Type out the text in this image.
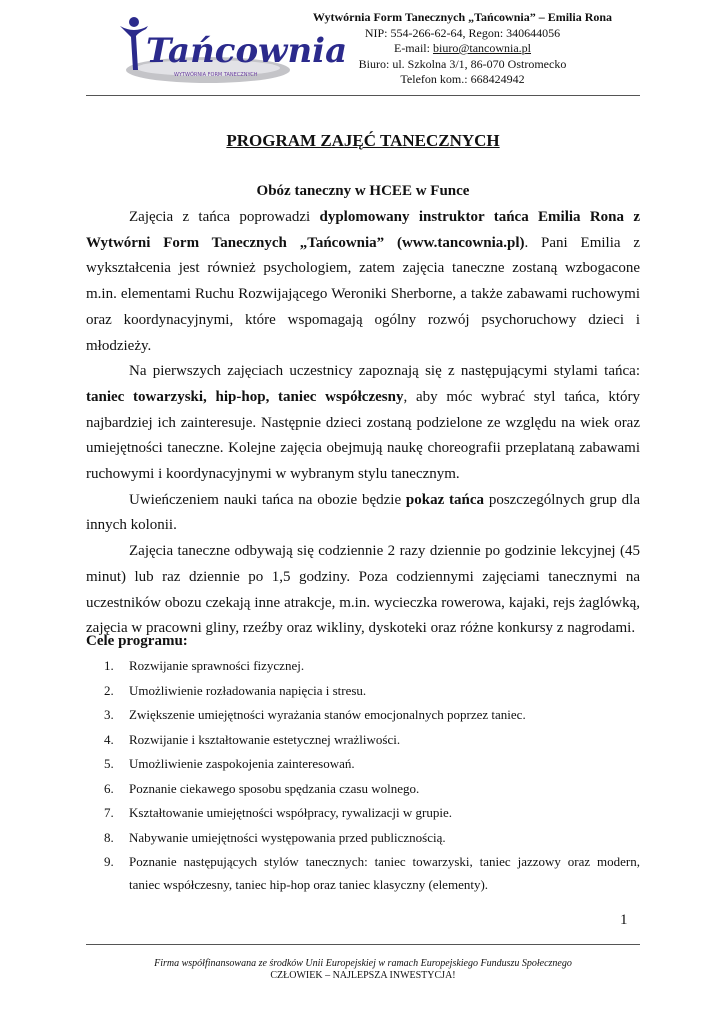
Tańcownia
WYTWÓRNIA FORM TANECZNYCH
Wytwórnia Form Tanecznych „Tańcownia” – Emilia Rona
NIP: 554-266-62-64, Regon: 340644056
E-mail: biuro@tancownia.pl
Biuro: ul. Szkolna 3/1, 86-070 Ostromecko
Telefon kom.: 668424942
PROGRAM ZAJĘĆ TANECZNYCH
Obóz taneczny w HCEE w Funce

Zajęcia z tańca poprowadzi dyplomowany instruktor tańca Emilia Rona z Wytwórni Form Tanecznych „Tańcownia” (www.tancownia.pl). Pani Emilia z wykształcenia jest również psychologiem, zatem zajęcia taneczne zostaną wzbogacone m.in. elementami Ruchu Rozwijającego Weroniki Sherborne, a także zabawami ruchowymi oraz koordynacyjnymi, które wspomagają ogólny rozwój psychoruchowy dzieci i młodzieży.

Na pierwszych zajęciach uczestnicy zapoznają się z następującymi stylami tańca: taniec towarzyski, hip-hop, taniec współczesny, aby móc wybrać styl tańca, który najbardziej ich zainteresuje. Następnie dzieci zostaną podzielone ze względu na wiek oraz umiejętności taneczne. Kolejne zajęcia obejmują naukę choreografii przeplataną zabawami ruchowymi i koordynacyjnymi w wybranym stylu tanecznym.

Uwieńczeniem nauki tańca na obozie będzie pokaz tańca poszczególnych grup dla innych kolonii.

Zajęcia taneczne odbywają się codziennie 2 razy dziennie po godzinie lekcyjnej (45 minut) lub raz dziennie po 1,5 godziny. Poza codziennymi zajęciami tanecznymi na uczestników obozu czekają inne atrakcje, m.in. wycieczka rowerowa, kajaki, rejs żaglówką, zajęcia w pracowni gliny, rzeźby oraz wikliny, dyskoteki oraz różne konkursy z nagrodami.

Cele programu:
1.	Rozwijanie sprawności fizycznej.
2.	Umożliwienie rozładowania napięcia i stresu.
3.	Zwiększenie umiejętności wyrażania stanów emocjonalnych poprzez taniec.
4.	Rozwijanie i kształtowanie estetycznej wrażliwości.
5.	Umożliwienie zaspokojenia zainteresowań.
6.	Poznanie ciekawego sposobu spędzania czasu wolnego.
7.	Kształtowanie umiejętności współpracy, rywalizacji w grupie.
8.	Nabywanie umiejętności występowania przed publicznością.
9.	Poznanie następujących stylów tanecznych: taniec towarzyski, taniec jazzowy oraz modern, taniec współczesny, taniec hip-hop oraz taniec klasyczny (elementy).
1
Firma współfinansowana ze środków Unii Europejskiej w ramach Europejskiego Funduszu Społecznego
CZŁOWIEK – NAJLEPSZA INWESTYCJA!
